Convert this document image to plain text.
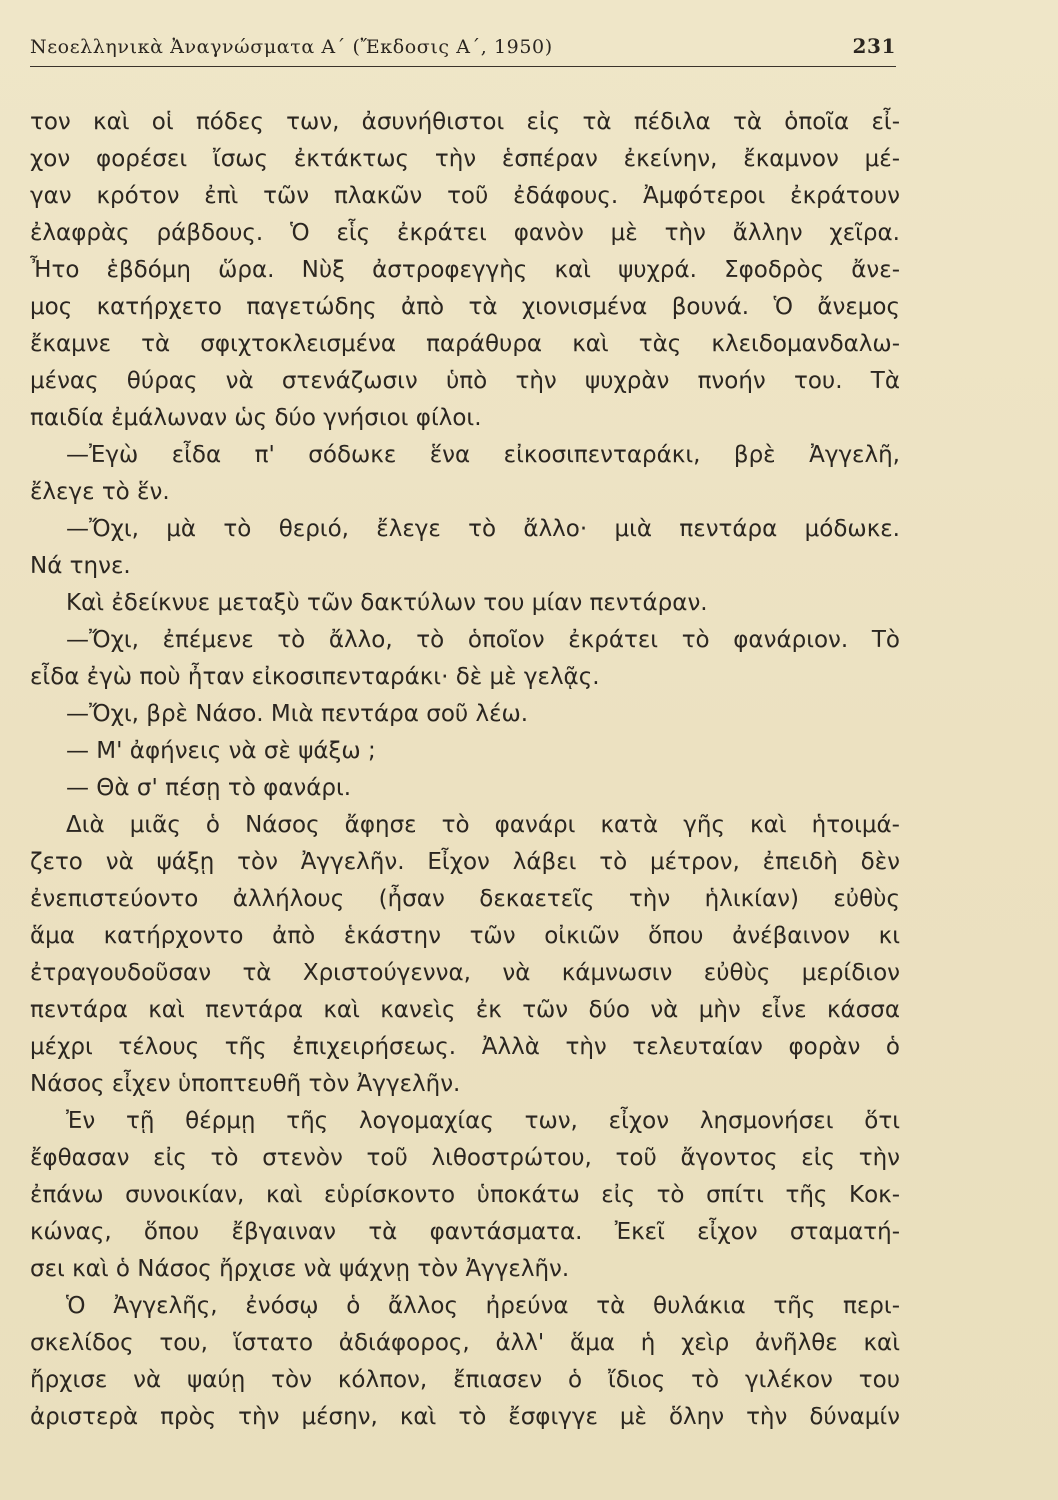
Νεοελληνικὰ Ἀναγνώσματα Α΄ (Ἔκδοσις Α΄, 1950)	231
τον καὶ οἱ πόδες των, ἀσυνήθιστοι εἰς τὰ πέδιλα τὰ ὁποῖα εἶ-
χον φορέσει ἴσως ἐκτάκτως τὴν ἑσπέραν ἐκείνην, ἔκαμνον μέ-
γαν κρότον ἐπὶ τῶν πλακῶν τοῦ ἐδάφους. Ἀμφότεροι ἐκράτουν
ἐλαφρὰς ράβδους. Ὁ εἷς ἐκράτει φανὸν μὲ τὴν ἄλλην χεῖρα.
Ἦτο ἑβδόμη ὥρα. Νὺξ ἀστροφεγγὴς καὶ ψυχρά. Σφοδρὸς ἄνε-
μος κατήρχετο παγετώδης ἀπὸ τὰ χιονισμένα βουνά. Ὁ ἄνεμος
ἔκαμνε τὰ σφιχτοκλεισμένα παράθυρα καὶ τὰς κλειδομανδαλω-
μένας θύρας νὰ στενάζωσιν ὑπὸ τὴν ψυχρὰν πνοήν του. Τὰ
παιδία ἐμάλωναν ὡς δύο γνήσιοι φίλοι.
—Ἐγὼ εἶδα π' σόδωκε ἕνα εἰκοσιπενταράκι, βρὲ Ἀγγελῆ,
ἔλεγε τὸ ἕν.
—Ὄχι, μὰ τὸ θεριό, ἔλεγε τὸ ἄλλο· μιὰ πεντάρα μόδωκε.
Νά τηνε.
Καὶ ἐδείκνυε μεταξὺ τῶν δακτύλων του μίαν πεντάραν.
—Ὄχι, ἐπέμενε τὸ ἄλλο, τὸ ὁποῖον ἐκράτει τὸ φανάριον. Τὸ
εἶδα ἐγὼ ποὺ ἦταν εἰκοσιπενταράκι· δὲ μὲ γελᾷς.
—Ὄχι, βρὲ Νάσο. Μιὰ πεντάρα σοῦ λέω.
— Μ' ἀφήνεις νὰ σὲ ψάξω ;
— Θὰ σ' πέσῃ τὸ φανάρι.
Διὰ μιᾶς ὁ Νάσος ἄφησε τὸ φανάρι κατὰ γῆς καὶ ἡτοιμά-
ζετο νὰ ψάξῃ τὸν Ἀγγελῆν. Εἶχον λάβει τὸ μέτρον, ἐπειδὴ δὲν
ἐνεπιστεύοντο ἀλλήλους (ἦσαν δεκαετεῖς τὴν ἡλικίαν) εὐθὺς
ἅμα κατήρχοντο ἀπὸ ἑκάστην τῶν οἰκιῶν ὅπου ἀνέβαινον κι
ἐτραγουδοῦσαν τὰ Χριστούγεννα, νὰ κάμνωσιν εὐθὺς μερίδιον
πεντάρα καὶ πεντάρα καὶ κανεὶς ἐκ τῶν δύο νὰ μὴν εἶνε κάσσα
μέχρι τέλους τῆς ἐπιχειρήσεως. Ἀλλὰ τὴν τελευταίαν φορὰν ὁ
Νάσος εἶχεν ὑποπτευθῆ τὸν Ἀγγελῆν.
Ἐν τῇ θέρμῃ τῆς λογομαχίας των, εἶχον λησμονήσει ὅτι
ἔφθασαν εἰς τὸ στενὸν τοῦ λιθοστρώτου, τοῦ ἄγοντος εἰς τὴν
ἐπάνω συνοικίαν, καὶ εὑρίσκοντο ὑποκάτω εἰς τὸ σπίτι τῆς Κοκ-
κώνας, ὅπου ἔβγαιναν τὰ φαντάσματα. Ἐκεῖ εἶχον σταματή-
σει καὶ ὁ Νάσος ἤρχισε νὰ ψάχνῃ τὸν Ἀγγελῆν.
Ὁ Ἀγγελῆς, ἐνόσῳ ὁ ἄλλος ἠρεύνα τὰ θυλάκια τῆς περι-
σκελίδος του, ἵστατο ἀδιάφορος, ἀλλ' ἅμα ἡ χεὶρ ἀνῆλθε καὶ
ἤρχισε νὰ ψαύῃ τὸν κόλπον, ἔπιασεν ὁ ἴδιος τὸ γιλέκον του
ἀριστερὰ πρὸς τὴν μέσην, καὶ τὸ ἔσφιγγε μὲ ὅλην τὴν δύναμίν
